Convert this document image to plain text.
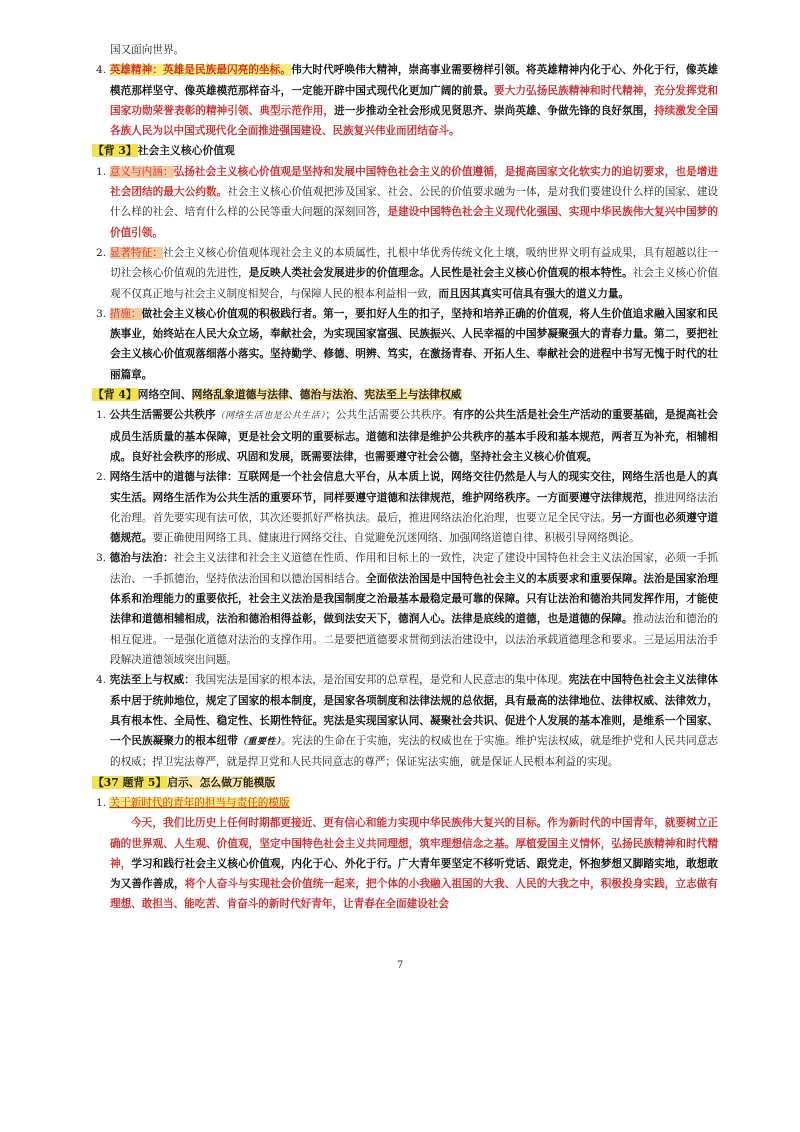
国又面向世界。

4. 英雄精神：英雄是民族最闪亮的坐标。伟大时代呼唤伟大精神，崇高事业需要榜样引领。将英雄精神内化于心、外化于行，像英雄模范那样坚守、像英雄模范那样奋斗，一定能开辟中国式现代化更加广阔的前景。要大力弘扬民族精神和时代精神，充分发挥党和国家功勋荣誉表彰的精神引领、典型示范作用，进一步推动全社会形成见贤思齐、崇尚英雄、争做先锋的良好氛围，持续激发全国各族人民为以中国式现代化全面推进强国建设、民族复兴伟业而团结奋斗。

【背 3】社会主义核心价值观

1. 意义与内涵：弘扬社会主义核心价值观是坚持和发展中国特色社会主义的价值遵循，是提高国家文化软实力的迫切要求，也是增进社会团结的最大公约数。社会主义核心价值观把涉及国家、社会、公民的价值要求融为一体，是对我们要建设什么样的国家、建设什么样的社会、培育什么样的公民等重大问题的深刻回答，是建设中国特色社会主义现代化强国、实现中华民族伟大复兴中国梦的价值引领。

2. 显著特征：社会主义核心价值观体现社会主义的本质属性，扎根中华优秀传统文化土壤，吸纳世界文明有益成果，具有超越以往一切社会核心价值观的先进性，是反映人类社会发展进步的价值理念。人民性是社会主义核心价值观的根本特性。社会主义核心价值观不仅真正地与社会主义制度相契合，与保障人民的根本利益相一致，而且因其真实可信具有强大的道义力量。

3. 措施：做社会主义核心价值观的积极践行者。第一，要扣好人生的扣子，坚持和培养正确的价值观，将人生价值追求融入国家和民族事业，始终站在人民大众立场，奉献社会，为实现国家富强、民族振兴、人民幸福的中国梦凝聚强大的青春力量。第二，要把社会主义核心价值观落细落小落实。坚持勤学、修德、明辨、笃实，在激扬青春、开拓人生、奉献社会的进程中书写无愧于时代的壮丽篇章。

【背 4】网络空间、网络乱象道德与法律、德治与法治、宪法至上与法律权威

1. 公共生活需要公共秩序（网络生活也是公共生活）；公共生活需要公共秩序。有序的公共生活是社会生产活动的重要基础，是提高社会成员生活质量的基本保障，更是社会文明的重要标志。道德和法律是维护公共秩序的基本手段和基本规范，两者互为补充，相辅相成。良好社会秩序的形成、巩固和发展，既需要法律，也需要遵守社会公德，坚持社会主义核心价值观。

2. 网络生活中的道德与法律：互联网是一个社会信息大平台，从本质上说，网络交往仍然是人与人的现实交往，网络生活也是人的真实生活。网络生活作为公共生活的重要环节，同样要遵守道德和法律规范，维护网络秩序。一方面要遵守法律规范，推进网络法治化治理。首先要实现有法可依，其次还要抓好严格执法。最后，推进网络法治化治理，也要立足全民守法。另一方面也必须遵守道德规范。要正确使用网络工具、健康进行网络交往、自觉避免沉迷网络、加强网络道德自律、积极引导网络舆论。

3. 德治与法治：社会主义法律和社会主义道德在性质、作用和目标上的一致性，决定了建设中国特色社会主义法治国家，必须一手抓法治、一手抓德治，坚持依法治国和以德治国相结合。全面依法治国是中国特色社会主义的本质要求和重要保障。法治是国家治理体系和治理能力的重要依托，社会主义法治是我国制度之治最基本最稳定最可靠的保障。只有让法治和德治共同发挥作用，才能使法律和道德相辅相成，法治和德治相得益彰，做到法安天下，德润人心。法律是底线的道德，也是道德的保障。推动法治和德治的相互促进。一是强化道德对法治的支撑作用。二是要把道德要求贯彻到法治建设中，以法治承载道德理念和要求。三是运用法治手段解决道德领域突出问题。

4. 宪法至上与权威：我国宪法是国家的根本法，是治国安邦的总章程，是党和人民意志的集中体现。宪法在中国特色社会主义法律体系中居于统帅地位，规定了国家的根本制度，是国家各项制度和法律法规的总依据，具有最高的法律地位、法律权威、法律效力，具有根本性、全局性、稳定性、长期性特征。宪法是实现国家认同、凝聚社会共识、促进个人发展的基本准则，是维系一个国家、一个民族凝聚力的根本纽带（重要性）。宪法的生命在于实施，宪法的权威也在于实施。维护宪法权威，就是维护党和人民共同意志的权威；捍卫宪法尊严，就是捍卫党和人民共同意志的尊严；保证宪法实施，就是保证人民根本利益的实现。

【37 题背 5】启示、怎么做万能模版

1. 关于新时代的青年的担当与责任的模版

今天，我们比历史上任何时期都更接近、更有信心和能力实现中华民族伟大复兴的目标。作为新时代的中国青年，就要树立正确的世界观、人生观、价值观，坚定中国特色社会主义共同理想，筑牢理想信念之基。厚植爱国主义情怀，弘扬民族精神和时代精神，学习和践行社会主义核心价值观，内化于心、外化于行。广大青年要坚定不移听党话、跟党走，怀抱梦想又脚踏实地，敢想敢为又善作善成，将个人奋斗与实现社会价值统一起来，把个体的小我融入祖国的大我、人民的大我之中，积极投身实践，立志做有理想、敢担当、能吃苦、肯奋斗的新时代好青年，让青春在全面建设社会

7
